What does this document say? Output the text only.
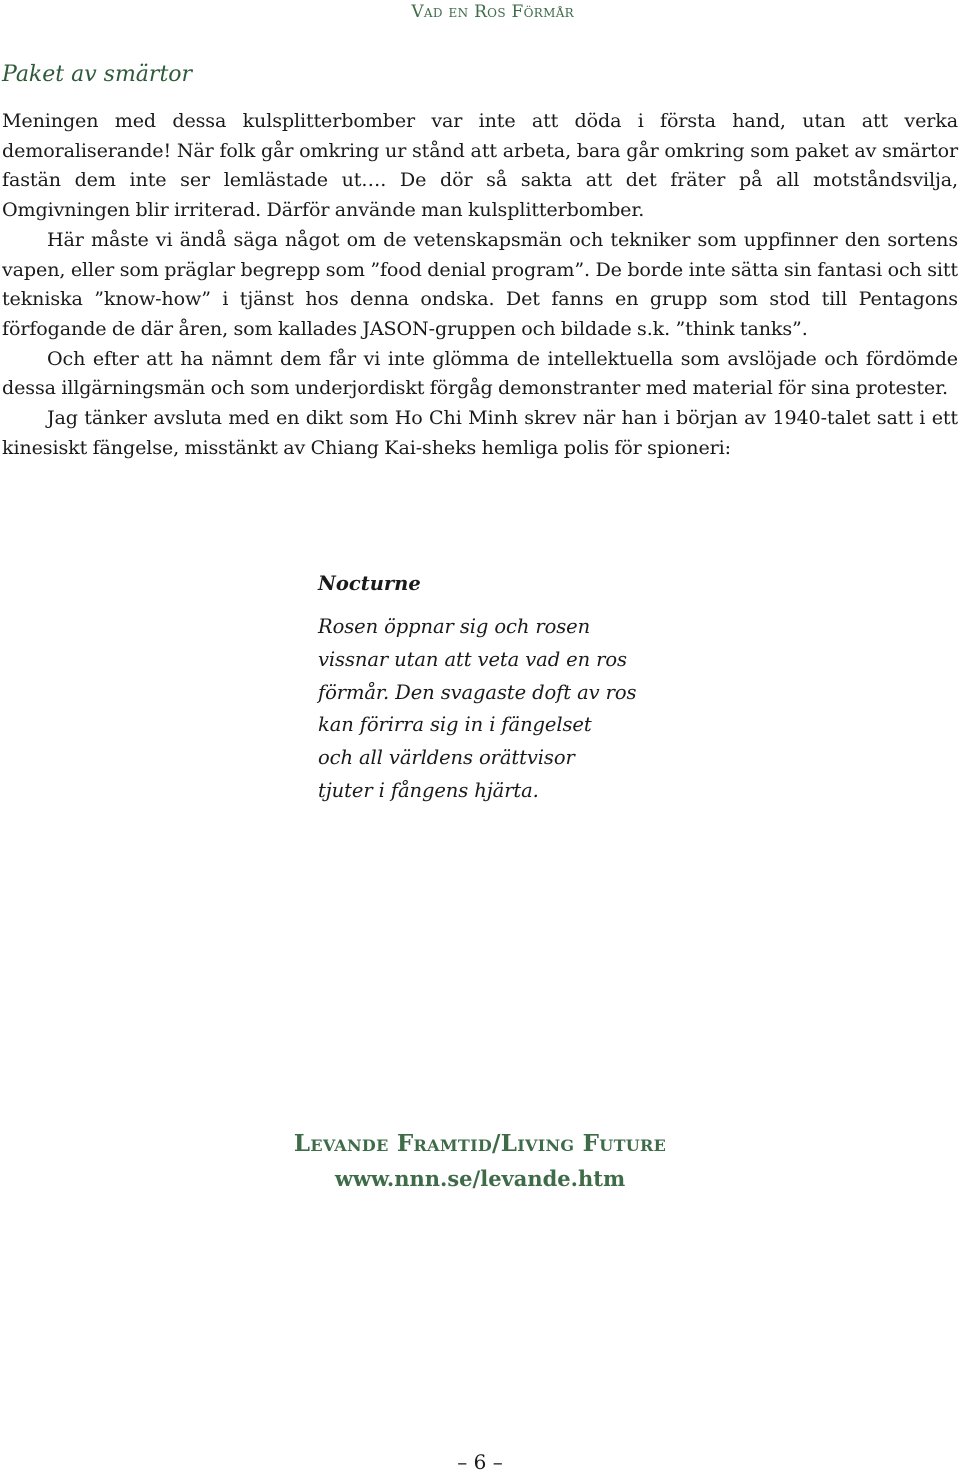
Vad en Ros Förmår
Paket av smärtor

Meningen med dessa kulsplitterbomber var inte att döda i första hand, utan att verka demoraliserande! När folk går omkring ur stånd att arbeta, bara går omkring som paket av smärtor fastän dem inte ser lemlästade ut…. De dör så sakta att det fräter på all motståndsvilja, Omgivningen blir irriterad. Därför använde man kulsplitterbomber.

Här måste vi ändå säga något om de vetenskapsmän och tekniker som uppfinner den sortens vapen, eller som präglar begrepp som ”food denial program”. De borde inte sätta sin fantasi och sitt tekniska ”know-how” i tjänst hos denna ondska. Det fanns en grupp som stod till Pentagons förfogande de där åren, som kallades JASON-gruppen och bildade s.k. ”think tanks”.

Och efter att ha nämnt dem får vi inte glömma de intellektuella som avslöjade och fördömde dessa illgärningsmän och som underjordiskt förgåg demonstranter med material för sina protester.

Jag tänker avsluta med en dikt som Ho Chi Minh skrev när han i början av 1940-talet satt i ett kinesiskt fängelse, misstänkt av Chiang Kai-sheks hemliga polis för spioneri:

Nocturne
Rosen öppnar sig och rosen
vissnar utan att veta vad en ros
förmår. Den svagaste doft av ros
kan förirra sig in i fängelset
och all världens orättvisor
tjuter i fångens hjärta.
Levande Framtid/Living Future
www.nnn.se/levande.htm
– 6 –
